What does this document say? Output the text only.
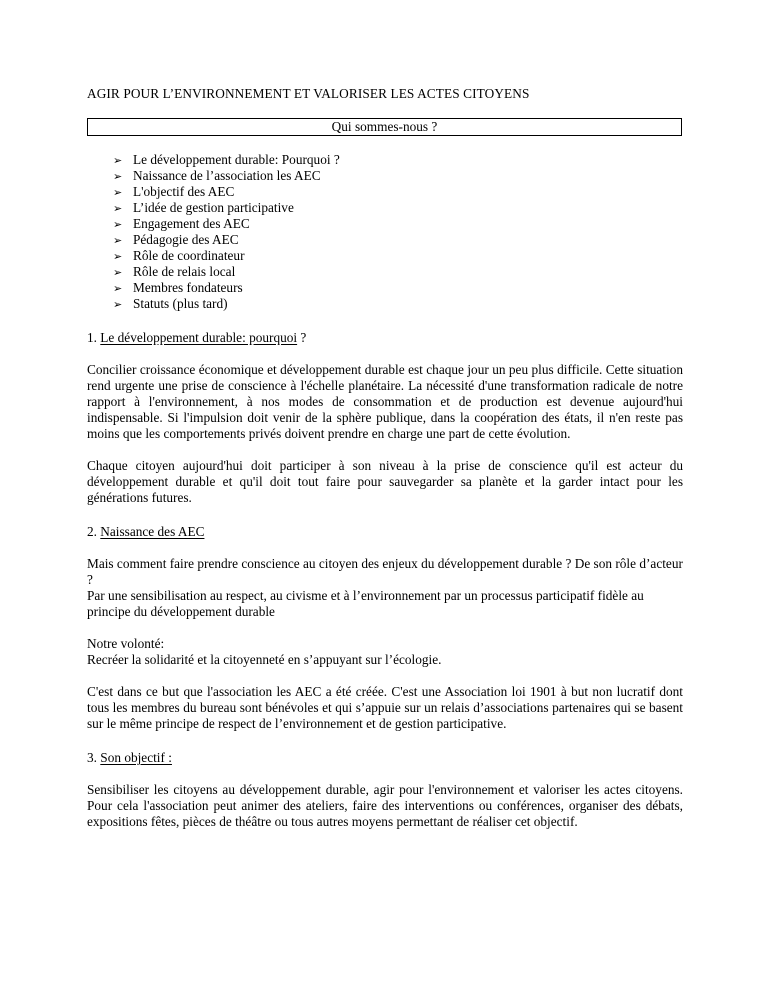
AGIR POUR L’ENVIRONNEMENT ET VALORISER LES ACTES CITOYENS
Qui sommes-nous ?
➢ Le développement durable: Pourquoi ?
➢ Naissance de l’association les AEC
➢ L'objectif des AEC
➢ L’idée de gestion participative
➢ Engagement des AEC
➢ Pédagogie des AEC
➢ Rôle de coordinateur
➢ Rôle de relais local
➢ Membres fondateurs
➢ Statuts (plus tard)
1. Le développement durable: pourquoi ?

Concilier croissance économique et développement durable est chaque jour un peu plus difficile. Cette situation rend urgente une prise de conscience à l'échelle planétaire. La nécessité d'une transformation radicale de notre rapport à l'environnement, à nos modes de consommation et de production est devenue aujourd'hui indispensable. Si l'impulsion doit venir de la sphère publique, dans la coopération des états, il n'en reste pas moins que les comportements privés doivent prendre en charge une part de cette évolution.

Chaque citoyen aujourd'hui doit participer à son niveau à la prise de conscience qu'il est acteur du développement durable et qu'il doit tout faire pour sauvegarder sa planète et la garder intact pour les générations futures.

2. Naissance des AEC

Mais comment faire prendre conscience au citoyen des enjeux du développement durable ? De son rôle d’acteur ?
Par une sensibilisation au respect, au civisme et à l’environnement par un processus participatif fidèle au principe du développement durable

Notre volonté:
Recréer la solidarité et la citoyenneté en s’appuyant sur l’écologie.

C'est dans ce but que l'association les AEC a été créée. C'est une Association loi 1901 à but non lucratif dont tous les membres du bureau sont bénévoles et qui s’appuie sur un relais d’associations partenaires qui se basent sur le même principe de respect de l’environnement et de gestion participative.

3. Son objectif :

Sensibiliser les citoyens au développement durable, agir pour l'environnement et valoriser les actes citoyens. Pour cela l'association peut animer des ateliers, faire des interventions ou conférences, organiser des débats, expositions fêtes, pièces de théâtre ou tous autres moyens permettant de réaliser cet objectif.
